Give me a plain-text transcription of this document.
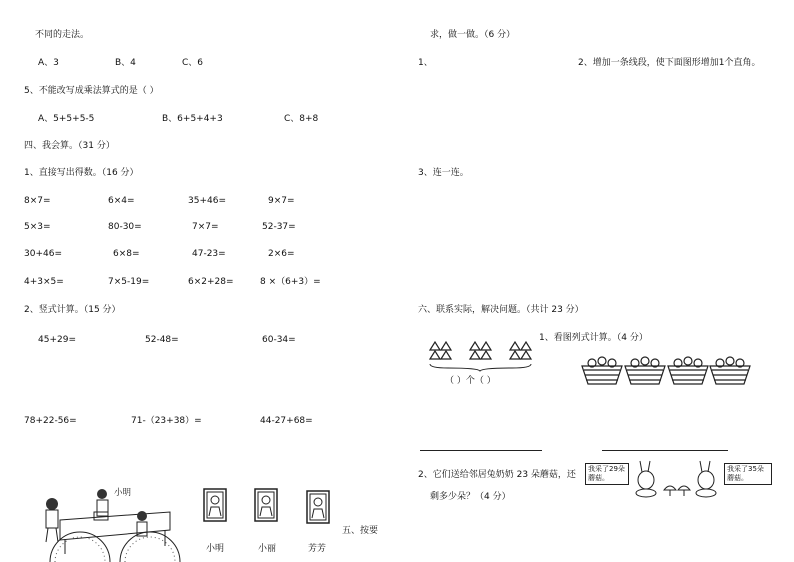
不同的走法。
A、3	B、4	C、6
5、不能改写成乘法算式的是（ ）
A、5+5+5-5	B、6+5+4+3	C、8+8
四、我会算。（31 分）
1、直接写出得数。（16 分）
8×7=	6×4=	35+46=	9×7=
5×3=	80-30=	7×7=	52-37=
30+46=	6×8=	47-23=	2×6=
4+3×5=	7×5-19=	6×2+28=	8 ×（6+3）=
2、竖式计算。（15 分）
45+29=	52-48=	60-34=
78+22-56=	71-（23+38）=	44-27+68=
小明
小明	小丽	芳芳
五、按要
求，做一做。（6 分）
1、	2、增加一条线段，使下面图形增加1个直角。
3、连一连。
六、联系实际，解决问题。（共计 23 分）
1、看图列式计算。（4 分）
（ ）个（ ）
2、它们送给邻居兔奶奶 23 朵蘑菇，还
剩多少朵？（4 分）
我采了29朵
蘑菇。
我采了35朵
蘑菇。
